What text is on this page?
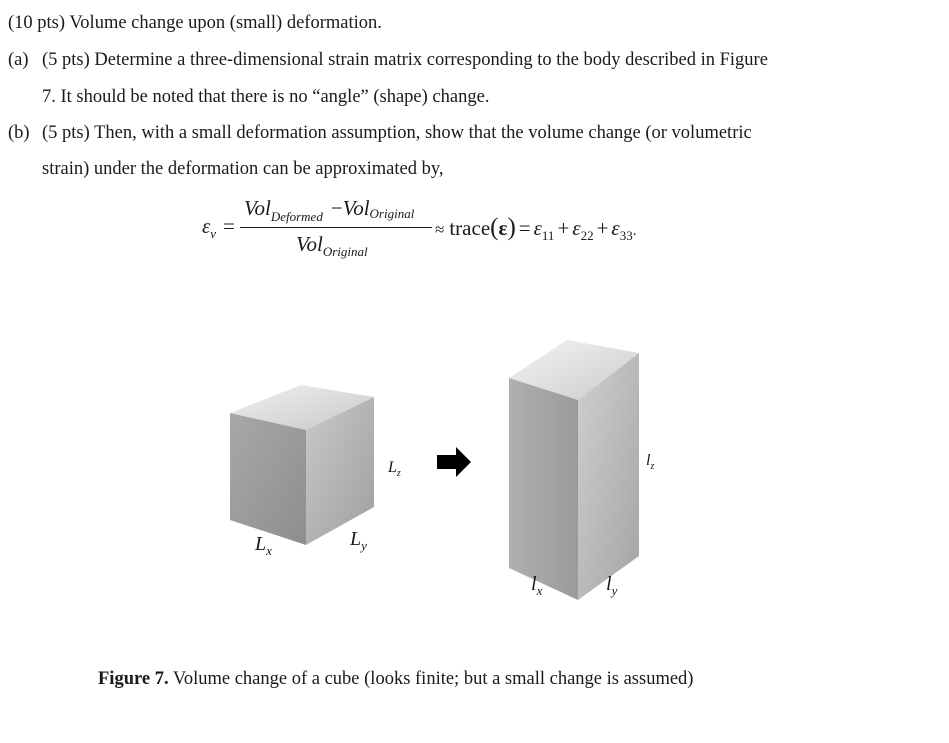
(10 pts) Volume change upon (small) deformation.
(a) (5 pts) Determine a three-dimensional strain matrix corresponding to the body described in Figure
7. It should be noted that there is no “angle” (shape) change.
(b) (5 pts) Then, with a small deformation assumption, show that the volume change (or volumetric
strain) under the deformation can be approximated by,
$\varepsilon_v$ =
Vol$_{Deformed}$ −VolOriginal
Vol$_{Original}$
≈ trace(ε) = $\varepsilon_{11} + \varepsilon_{22} + \varepsilon_{33}$.
$L_x$
$L_y$
$L_z$
$l_x$	$l_y$
$l_z$
Figure 7. Volume change of a cube (looks finite; but a small change is assumed)
